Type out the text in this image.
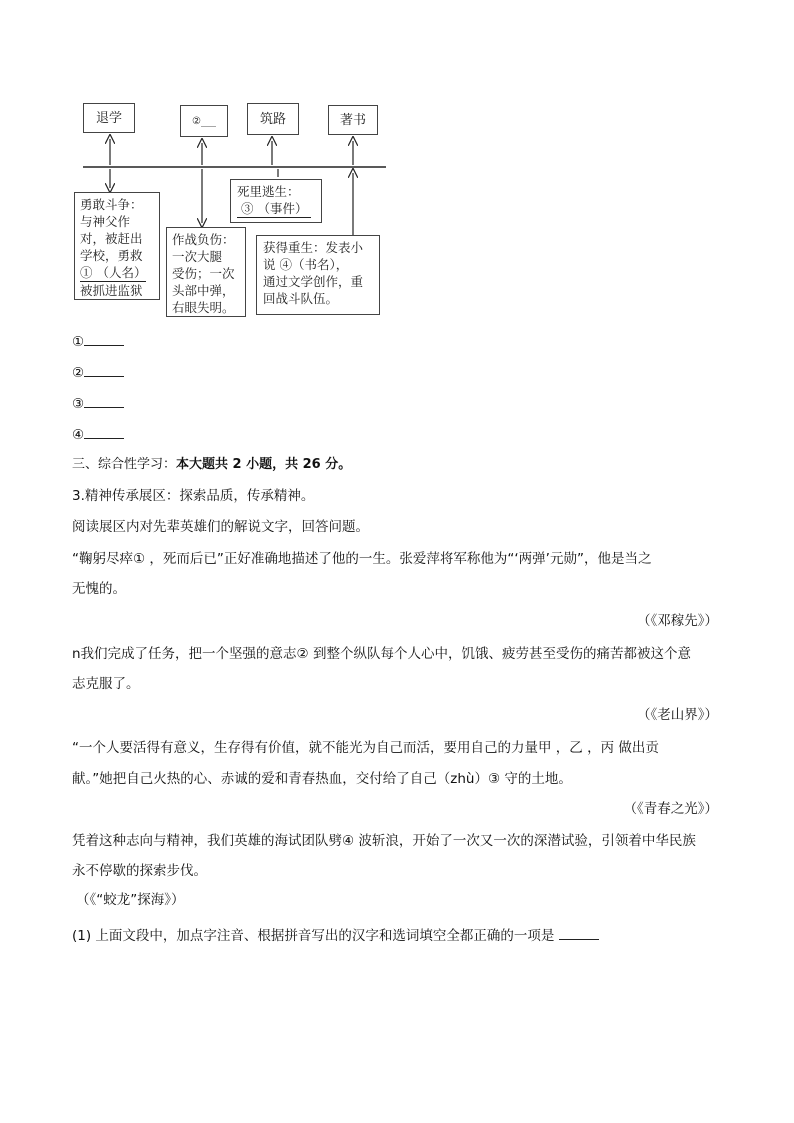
退学	②___	筑路	著书
勇敢斗争：
与神父作
对，被赶出
学校，勇救
① （人名）
被抓进监狱
作战负伤：
一次大腿
受伤；一次
头部中弹，
右眼失明。
死里逃生：
③ （事件）
获得重生：发表小
说 ④（书名），
通过文学创作，重
回战斗队伍。
①
②
③
④
三、综合性学习：本大题共 2 小题，共 26 分。
3.精神传承展区：探索品质，传承精神。
阅读展区内对先辈英雄们的解说文字，回答问题。
“鞠躬尽瘁① ，死而后已”正好准确地描述了他的一生。张爱萍将军称他为“‘两弹’元勋”，他是当之
无愧的。
（《邓稼先》）
n我们完成了任务，把一个坚强的意志② 到整个纵队每个人心中，饥饿、疲劳甚至受伤的痛苦都被这个意
志克服了。
（《老山界》）
“一个人要活得有意义，生存得有价值，就不能光为自己而活，要用自己的力量甲 ，乙 ，丙 做出贡
献。”她把自己火热的心、赤诚的爱和青春热血，交付给了自己（zhù）③ 守的土地。
（《青春之光》）
凭着这种志向与精神，我们英雄的海试团队劈④ 波斩浪，开始了一次又一次的深潜试验，引领着中华民族
永不停歇的探索步伐。
（《“蛟龙”探海》）
(1) 上面文段中，加点字注音、根据拼音写出的汉字和选词填空全都正确的一项是
